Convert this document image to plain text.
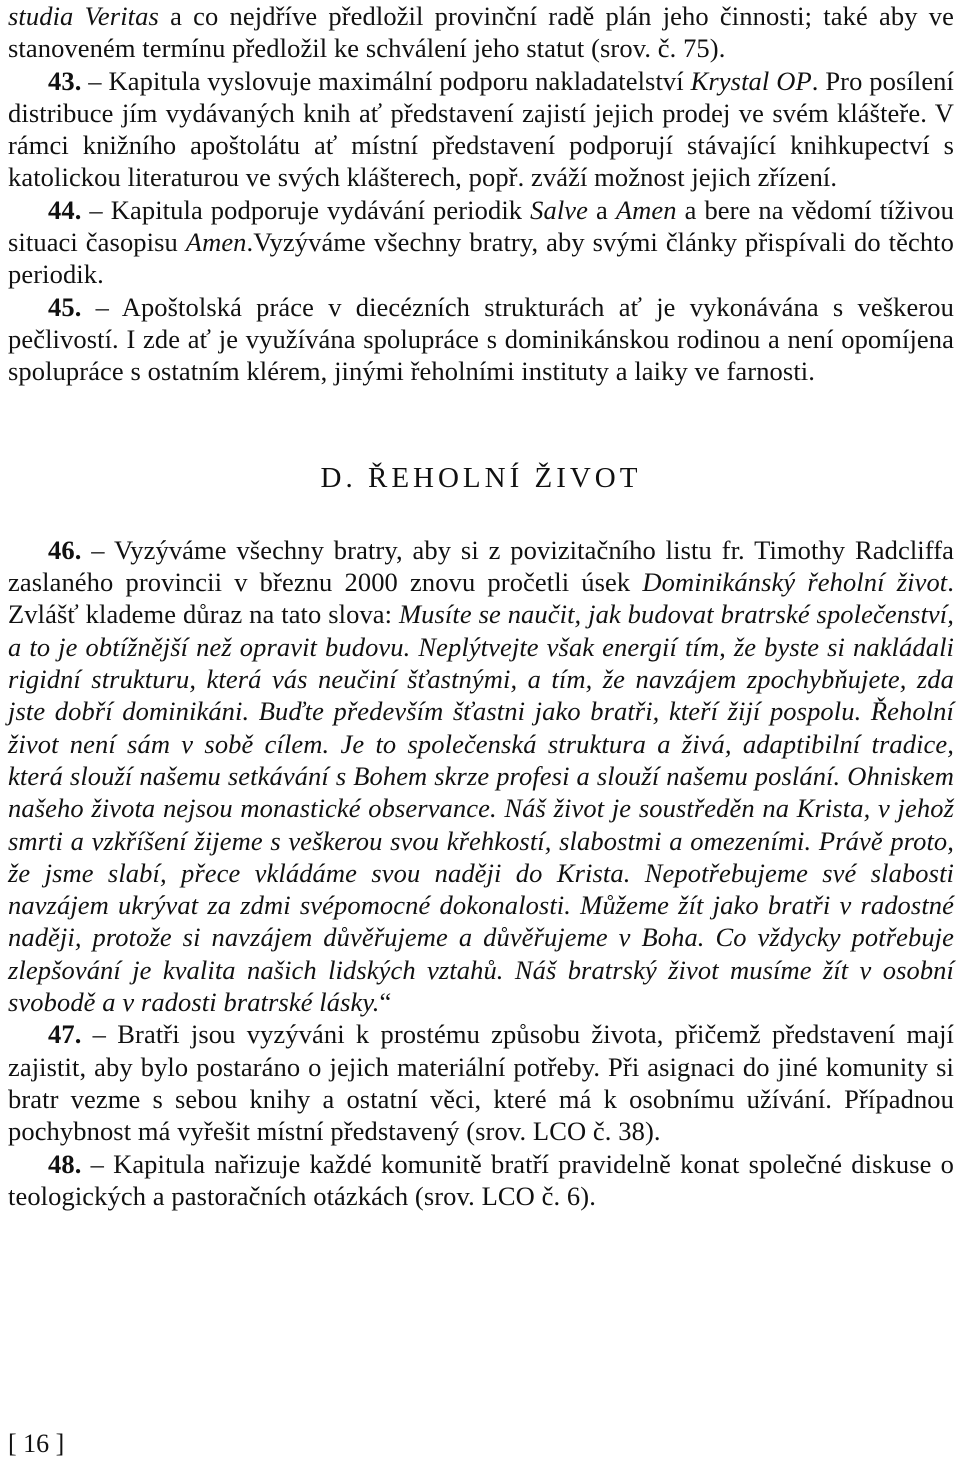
studia Veritas a co nejdříve předložil provinční radě plán jeho činnosti; také aby ve stanoveném termínu předložil ke schválení jeho statut (srov. č. 75).

43. – Kapitula vyslovuje maximální podporu nakladatelství Krystal OP. Pro posílení distribuce jím vydávaných knih ať představení zajistí jejich prodej ve svém klášteře. V rámci knižního apoštolátu ať místní představení podporují stávající knihkupectví s katolickou literaturou ve svých klášterech, popř. zváží možnost jejich zřízení.

44. – Kapitula podporuje vydávání periodik Salve a Amen a bere na vědomí tíživou situaci časopisu Amen.Vyzýváme všechny bratry, aby svými články přispívali do těchto periodik.

45. – Apoštolská práce v diecézních strukturách ať je vykonávána s veškerou pečlivostí. I zde ať je využívána spolupráce s dominikánskou rodinou a není opomíjena spolupráce s ostatním klérem, jinými řeholními instituty a laiky ve farnosti.

D. ŘEHOLNÍ ŽIVOT

46. – Vyzýváme všechny bratry, aby si z povizitačního listu fr. Timothy Radcliffa zaslaného provincii v březnu 2000 znovu pročetli úsek Dominikánský řeholní život. Zvlášť klademe důraz na tato slova: Musíte se naučit, jak budovat bratrské společenství, a to je obtížnější než opravit budovu. Neplýtvejte však energií tím, že byste si nakládali rigidní strukturu, která vás neučiní šťastnými, a tím, že navzájem zpochybňujete, zda jste dobří dominikáni. Buďte především šťastni jako bratři, kteří žijí pospolu. Řeholní život není sám v sobě cílem. Je to společenská struktura a živá, adaptibilní tradice, která slouží našemu setkávání s Bohem skrze profesi a slouží našemu poslání. Ohniskem našeho života nejsou monastické observance. Náš život je soustředěn na Krista, v jehož smrti a vzkříšení žijeme s veškerou svou křehkostí, slabostmi a omezeními. Právě proto, že jsme slabí, přece vkládáme svou naději do Krista. Nepotřebujeme své slabosti navzájem ukrývat za zdmi svépomocné dokonalosti. Můžeme žít jako bratři v radostné naději, protože si navzájem důvěřujeme a důvěřujeme v Boha. Co vždycky potřebuje zlepšování je kvalita našich lidských vztahů. Náš bratrský život musíme žít v osobní svobodě a v radosti bratrské lásky.“

47. – Bratři jsou vyzýváni k prostému způsobu života, přičemž představení mají zajistit, aby bylo postaráno o jejich materiální potřeby. Při asignaci do jiné komunity si bratr vezme s sebou knihy a ostatní věci, které má k osobnímu užívání. Případnou pochybnost má vyřešit místní představený (srov. LCO č. 38).

48. – Kapitula nařizuje každé komunitě bratří pravidelně konat společné diskuse o teologických a pastoračních otázkách (srov. LCO č. 6).

[ 16 ]
